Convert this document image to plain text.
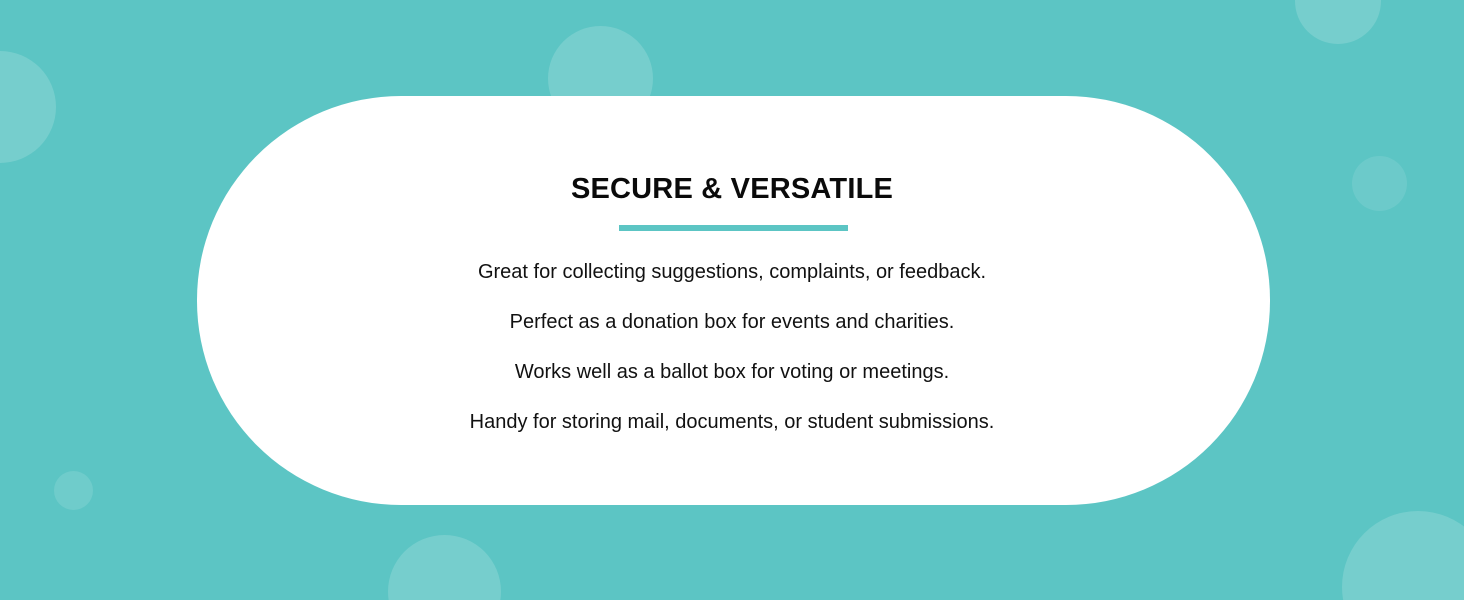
SECURE & VERSATILE
Great for collecting suggestions, complaints, or feedback.
Perfect as a donation box for events and charities.
Works well as a ballot box for voting or meetings.
Handy for storing mail, documents, or student submissions.
